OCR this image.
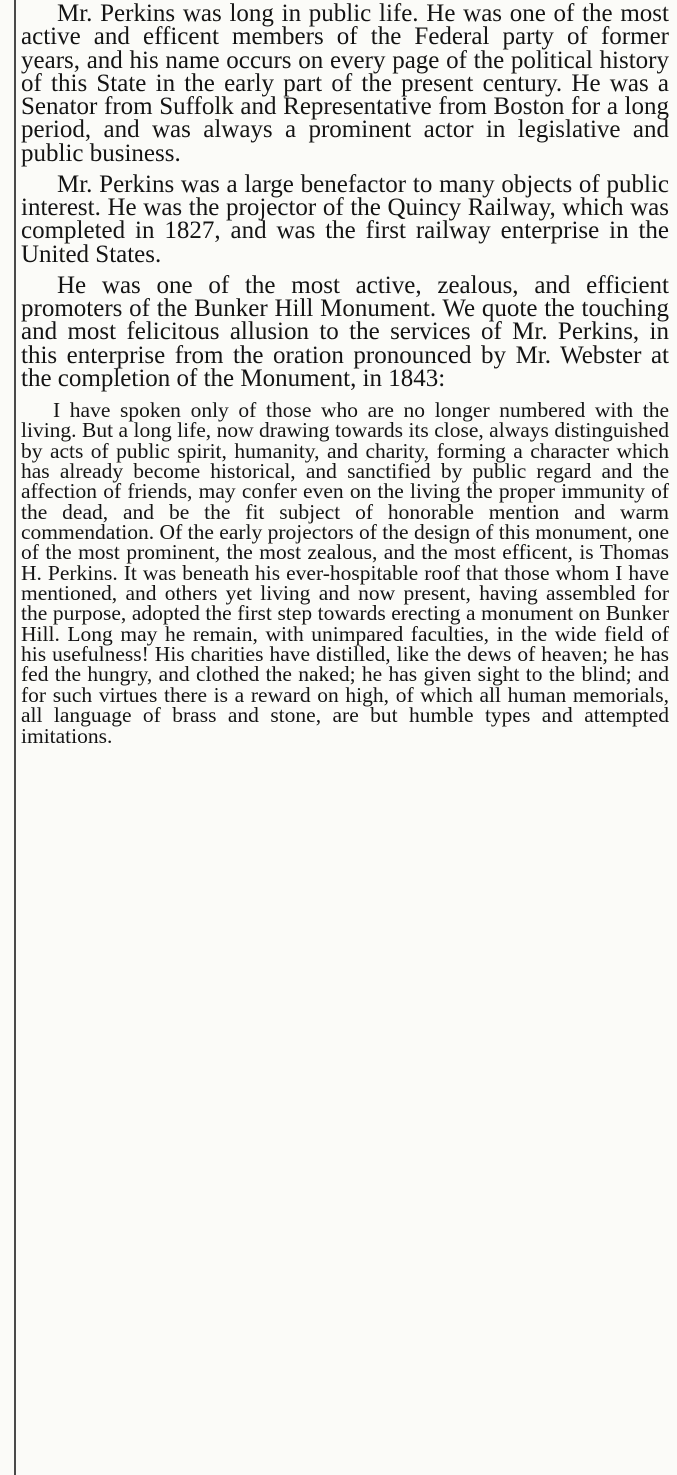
Mr. Perkins was long in public life. He was one of the most active and efficent members of the Federal party of former years, and his name occurs on every page of the political history of this State in the early part of the present century. He was a Senator from Suffolk and Representative from Boston for a long period, and was always a prominent actor in legislative and public business.

Mr. Perkins was a large benefactor to many objects of public interest. He was the projector of the Quincy Railway, which was completed in 1827, and was the first railway enterprise in the United States.

He was one of the most active, zealous, and efficient promoters of the Bunker Hill Monument. We quote the touching and most felicitous allusion to the services of Mr. Perkins, in this enterprise from the oration pronounced by Mr. Webster at the completion of the Monument, in 1843:

I have spoken only of those who are no longer numbered with the living. But a long life, now drawing towards its close, always distinguished by acts of public spirit, humanity, and charity, forming a character which has already become historical, and sanctified by public regard and the affection of friends, may confer even on the living the proper immunity of the dead, and be the fit subject of honorable mention and warm commendation. Of the early projectors of the design of this monument, one of the most prominent, the most zealous, and the most efficent, is Thomas H. Perkins. It was beneath his ever-hospitable roof that those whom I have mentioned, and others yet living and now present, having assembled for the purpose, adopted the first step towards erecting a monument on Bunker Hill. Long may he remain, with unimpared faculties, in the wide field of his usefulness! His charities have distilled, like the dews of heaven; he has fed the hungry, and clothed the naked; he has given sight to the blind; and for such virtues there is a reward on high, of which all human memorials, all language of brass and stone, are but humble types and attempted imitations.
